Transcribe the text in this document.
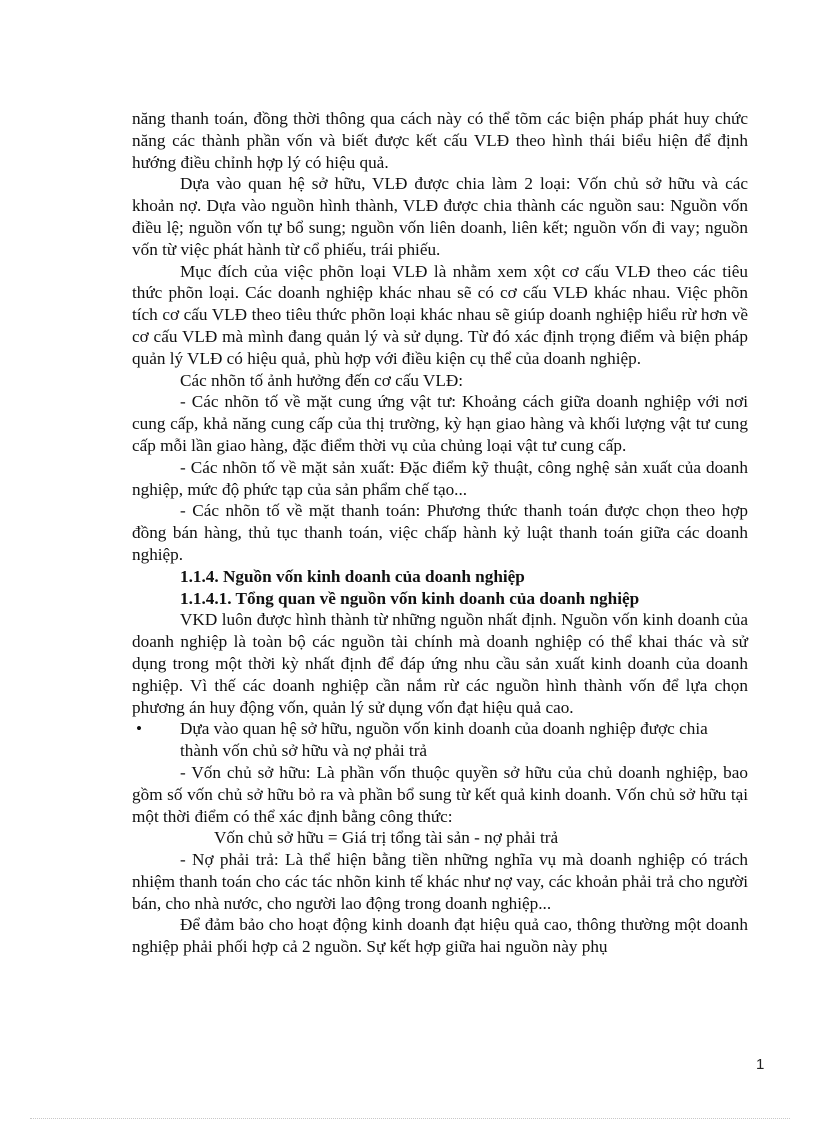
năng thanh toán, đồng thời thông qua cách này có thể tõm các biện pháp phát huy chức năng các thành phần vốn và biết được kết cấu VLĐ theo hình thái biểu hiện để định hướng điều chỉnh hợp lý có hiệu quả.

Dựa vào quan hệ sở hữu, VLĐ được chia làm 2 loại: Vốn chủ sở hữu và các khoản nợ. Dựa vào nguồn hình thành, VLĐ được chia thành các nguồn sau: Nguồn vốn điều lệ; nguồn vốn tự bổ sung; nguồn vốn liên doanh, liên kết; nguồn vốn đi vay; nguồn vốn từ việc phát hành từ cổ phiếu, trái phiếu.

Mục đích của việc phõn loại VLĐ là nhằm xem xột cơ cấu VLĐ theo các tiêu thức phõn loại. Các doanh nghiệp khác nhau sẽ có cơ cấu VLĐ khác nhau. Việc phõn tích cơ cấu VLĐ theo tiêu thức phõn loại khác nhau sẽ giúp doanh nghiệp hiểu rừ hơn về cơ cấu VLĐ mà mình đang quản lý và sử dụng. Từ đó xác định trọng điểm và biện pháp quản lý VLĐ có hiệu quả, phù hợp với điều kiện cụ thể của doanh nghiệp.

Các nhõn tố ảnh hưởng đến cơ cấu VLĐ:

- Các nhõn tố về mặt cung ứng vật tư: Khoảng cách giữa doanh nghiệp với nơi cung cấp, khả năng cung cấp của thị trường, kỳ hạn giao hàng và khối lượng vật tư cung cấp mỗi lần giao hàng, đặc điểm thời vụ của chủng loại vật tư cung cấp.

- Các nhõn tố về mặt sản xuất: Đặc điểm kỹ thuật, công nghệ sản xuất của doanh nghiệp, mức độ phức tạp của sản phẩm chế tạo...

- Các nhõn tố về mặt thanh toán: Phương thức thanh toán được chọn theo hợp đồng bán hàng, thủ tục thanh toán, việc chấp hành kỷ luật thanh toán giữa các doanh nghiệp.

1.1.4. Nguồn vốn kinh doanh của doanh nghiệp

1.1.4.1. Tổng quan về nguồn vốn kinh doanh của doanh nghiệp

VKD luôn được hình thành từ những nguồn nhất định. Nguồn vốn kinh doanh của doanh nghiệp là toàn bộ các nguồn tài chính mà doanh nghiệp có thể khai thác và sử dụng trong một thời kỳ nhất định để đáp ứng nhu cầu sản xuất kinh doanh của doanh nghiệp. Vì thế các doanh nghiệp cần nắm rừ các nguồn hình thành vốn để lựa chọn phương án huy động vốn, quản lý sử dụng vốn đạt hiệu quả cao.

• Dựa vào quan hệ sở hữu, nguồn vốn kinh doanh của doanh nghiệp được chia thành vốn chủ sở hữu và nợ phải trả

- Vốn chủ sở hữu: Là phần vốn thuộc quyền sở hữu của chủ doanh nghiệp, bao gồm số vốn chủ sở hữu bỏ ra và phần bổ sung từ kết quả kinh doanh. Vốn chủ sở hữu tại một thời điểm có thể xác định bằng công thức:

Vốn chủ sở hữu = Giá trị tổng tài sản - nợ phải trả

- Nợ phải trả: Là thể hiện bằng tiền những nghĩa vụ mà doanh nghiệp có trách nhiệm thanh toán cho các tác nhõn kinh tế khác như nợ vay, các khoản phải trả cho người bán, cho nhà nước, cho người lao động trong doanh nghiệp...

Để đảm bảo cho hoạt động kinh doanh đạt hiệu quả cao, thông thường một doanh nghiệp phải phối hợp cả 2 nguồn. Sự kết hợp giữa hai nguồn này phụ

1
